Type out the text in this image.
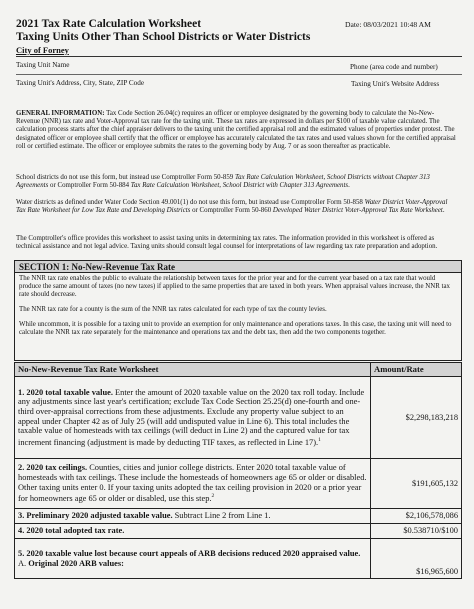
2021 Tax Rate Calculation Worksheet	Date: 08/03/2021 10:48 AM
Taxing Units Other Than School Districts or Water Districts
City of Forney
Taxing Unit Name	Phone (area code and number)
Taxing Unit's Address, City, State, ZIP Code	Taxing Unit's Website Address
GENERAL INFORMATION: Tax Code Section 26.04(c) requires an officer or employee designated by the governing body to calculate the No-New-Revenue (NNR) tax rate and Voter-Approval tax rate for the taxing unit. These tax rates are expressed in dollars per $100 of taxable value calculated. The calculation process starts after the chief appraiser delivers to the taxing unit the certified appraisal roll and the estimated values of properties under protest. The designated officer or employee shall certify that the officer or employee has accurately calculated the tax rates and used values shown for the certified appraisal roll or certified estimate. The officer or employee submits the rates to the governing body by Aug. 7 or as soon thereafter as practicable.
School districts do not use this form, but instead use Comptroller Form 50-859 Tax Rate Calculation Worksheet, School Districts without Chapter 313 Agreements or Comptroller Form 50-884 Tax Rate Calculation Worksheet, School District with Chapter 313 Agreements.
Water districts as defined under Water Code Section 49.001(1) do not use this form, but instead use Comptroller Form 50-858 Water District Voter-Approval Tax Rate Worksheet for Low Tax Rate and Developing Districts or Comptroller Form 50-860 Developed Water District Voter-Approval Tax Rate Worksheet.
The Comptroller's office provides this worksheet to assist taxing units in determining tax rates. The information provided in this worksheet is offered as technical assistance and not legal advice. Taxing units should consult legal counsel for interpretations of law regarding tax rate preparation and adoption.
SECTION 1: No-New-Revenue Tax Rate
The NNR tax rate enables the public to evaluate the relationship between taxes for the prior year and for the current year based on a tax rate that would produce the same amount of taxes (no new taxes) if applied to the same properties that are taxed in both years. When appraisal values increase, the NNR tax rate should decrease.
The NNR tax rate for a county is the sum of the NNR tax rates calculated for each type of tax the county levies.
While uncommon, it is possible for a taxing unit to provide an exemption for only maintenance and operations taxes. In this case, the taxing unit will need to calculate the NNR tax rate separately for the maintenance and operations tax and the debt tax, then add the two components together.
No-New-Revenue Tax Rate Worksheet	Amount/Rate
1. 2020 total taxable value. Enter the amount of 2020 taxable value on the 2020 tax roll today. Include any adjustments since last year's certification; exclude Tax Code Section 25.25(d) one-fourth and one-third over-appraisal corrections from these adjustments. Exclude any property value subject to an appeal under Chapter 42 as of July 25 (will add undisputed value in Line 6). This total includes the taxable value of homesteads with tax ceilings (will deduct in Line 2) and the captured value for tax increment financing (adjustment is made by deducting TIF taxes, as reflected in Line 17).$^1$	$2,298,183,218
2. 2020 tax ceilings. Counties, cities and junior college districts. Enter 2020 total taxable value of homesteads with tax ceilings. These include the homesteads of homeowners age 65 or older or disabled. Other taxing units enter 0. If your taxing units adopted the tax ceiling provision in 2020 or a prior year for homeowners age 65 or older or disabled, use this step.$^2$	$191,605,132
3. Preliminary 2020 adjusted taxable value. Subtract Line 2 from Line 1.	$2,106,578,086
4. 2020 total adopted tax rate.	$0.538710/$100
5. 2020 taxable value lost because court appeals of ARB decisions reduced 2020 appraised value.
A. Original 2020 ARB values:	$16,965,600
